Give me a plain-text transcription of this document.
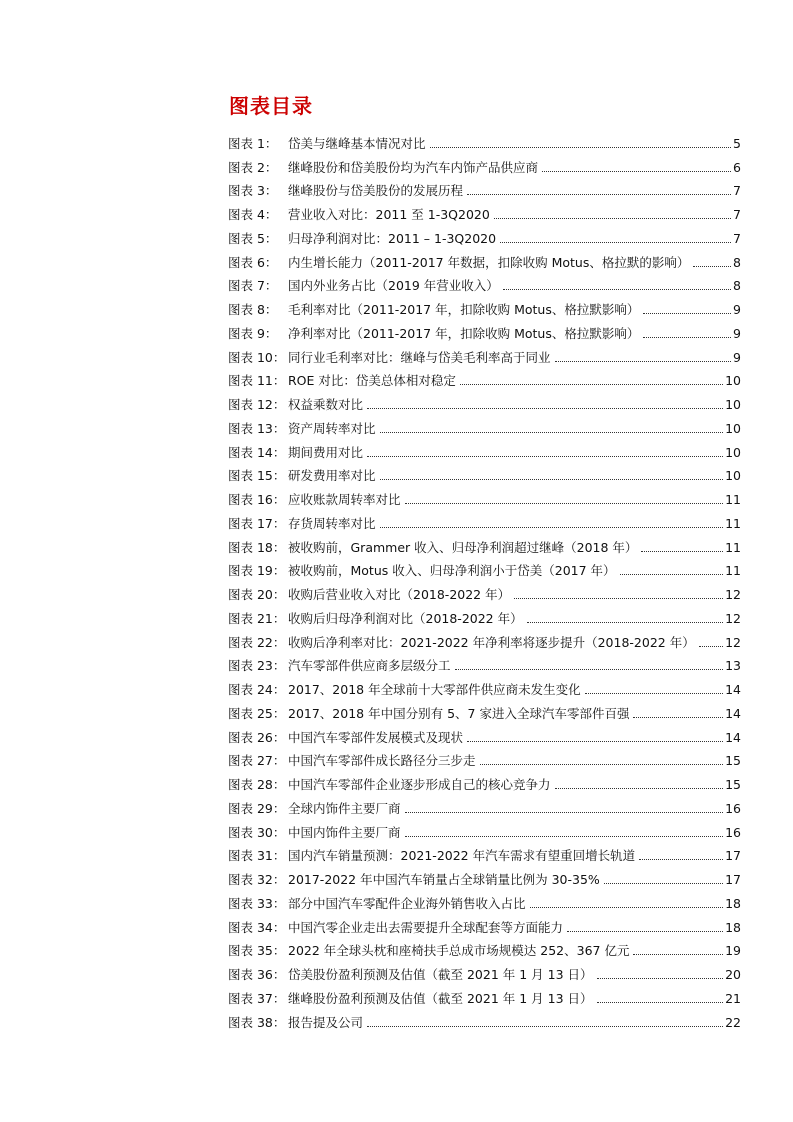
图表目录
图表 1： 岱美与继峰基本情况对比	5
图表 2： 继峰股份和岱美股份均为汽车内饰产品供应商	6
图表 3： 继峰股份与岱美股份的发展历程	7
图表 4： 营业收入对比：2011 至 1-3Q2020	7
图表 5： 归母净利润对比：2011 – 1-3Q2020	7
图表 6： 内生增长能力（2011-2017 年数据，扣除收购 Motus、格拉默的影响）	8
图表 7： 国内外业务占比（2019 年营业收入）	8
图表 8： 毛利率对比（2011-2017 年，扣除收购 Motus、格拉默影响）	9
图表 9： 净利率对比（2011-2017 年，扣除收购 Motus、格拉默影响）	9
图表 10： 同行业毛利率对比：继峰与岱美毛利率高于同业	9
图表 11： ROE 对比：岱美总体相对稳定	10
图表 12： 权益乘数对比	10
图表 13： 资产周转率对比	10
图表 14： 期间费用对比	10
图表 15： 研发费用率对比	10
图表 16： 应收账款周转率对比	11
图表 17： 存货周转率对比	11
图表 18： 被收购前，Grammer 收入、归母净利润超过继峰（2018 年）	11
图表 19： 被收购前，Motus 收入、归母净利润小于岱美（2017 年）	11
图表 20： 收购后营业收入对比（2018-2022 年）	12
图表 21： 收购后归母净利润对比（2018-2022 年）	12
图表 22： 收购后净利率对比：2021-2022 年净利率将逐步提升（2018-2022 年） 12
图表 23： 汽车零部件供应商多层级分工	13
图表 24： 2017、2018 年全球前十大零部件供应商未发生变化	14
图表 25： 2017、2018 年中国分别有 5、7 家进入全球汽车零部件百强	14
图表 26： 中国汽车零部件发展模式及现状	14
图表 27： 中国汽车零部件成长路径分三步走	15
图表 28： 中国汽车零部件企业逐步形成自己的核心竞争力	15
图表 29： 全球内饰件主要厂商	16
图表 30： 中国内饰件主要厂商	16
图表 31： 国内汽车销量预测：2021-2022 年汽车需求有望重回增长轨道	17
图表 32： 2017-2022 年中国汽车销量占全球销量比例为 30-35%	17
图表 33： 部分中国汽车零配件企业海外销售收入占比	18
图表 34： 中国汽零企业走出去需要提升全球配套等方面能力	18
图表 35： 2022 年全球头枕和座椅扶手总成市场规模达 252、367 亿元	19
图表 36： 岱美股份盈利预测及估值（截至 2021 年 1 月 13 日）	20
图表 37： 继峰股份盈利预测及估值（截至 2021 年 1 月 13 日）	21
图表 38： 报告提及公司	22
